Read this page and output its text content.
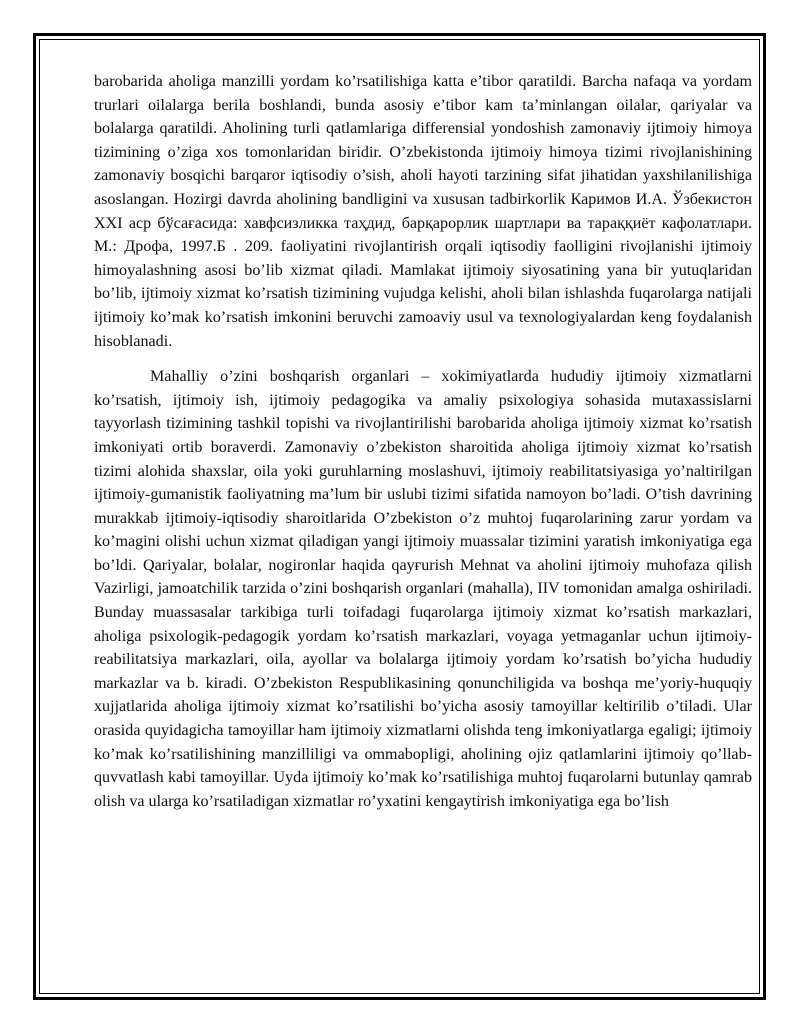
barobarida aholiga manzilli yordam ko’rsatilishiga katta e’tibor qaratildi. Barcha nafaqa va yordam trurlari oilalarga berila boshlandi, bunda asosiy e’tibor kam ta’minlangan oilalar, qariyalar va bolalarga qaratildi. Aholining turli qatlamlariga differensial yondoshish zamonaviy ijtimoiy himoya tizimining o’ziga xos tomonlaridan biridir. O’zbekistonda ijtimoiy himoya tizimi rivojlanishining zamonaviy bosqichi barqaror iqtisodiy o’sish, aholi hayoti tarzining sifat jihatidan yaxshilanilishiga asoslangan. Hozirgi davrda aholining bandligini va xususan tadbirkorlik Каримов И.А. Ўзбекистон XXI аср бўсағасида: хавфсизликка таҳдид, барқарорлик шартлари ва тараққиёт кафолатлари. М.: Дрофа, 1997.Б . 209. faoliyatini rivojlantirish orqali iqtisodiy faolligini rivojlanishi ijtimoiy himoyalashning asosi bo’lib xizmat qiladi. Mamlakat ijtimoiy siyosatining yana bir yutuqlaridan bo’lib, ijtimoiy xizmat ko’rsatish tizimining vujudga kelishi, aholi bilan ishlashda fuqarolarga natijali ijtimoiy ko’mak ko’rsatish imkonini beruvchi zamoaviy usul va texnologiyalardan keng foydalanish hisoblanadi.

Mahalliy o’zini boshqarish organlari – xokimiyatlarda hududiy ijtimoiy xizmatlarni ko’rsatish, ijtimoiy ish, ijtimoiy pedagogika va amaliy psixologiya sohasida mutaxassislarni tayyorlash tizimining tashkil topishi va rivojlantirilishi barobarida aholiga ijtimoiy xizmat ko’rsatish imkoniyati ortib boraverdi. Zamonaviy o’zbekiston sharoitida aholiga ijtimoiy xizmat ko’rsatish tizimi alohida shaxslar, oila yoki guruhlarning moslashuvi, ijtimoiy reabilitatsiyasiga yo’naltirilgan ijtimoiy-gumanistik faoliyatning ma’lum bir uslubi tizimi sifatida namoyon bo’ladi. O’tish davrining murakkab ijtimoiy-iqtisodiy sharoitlarida O’zbekiston o’z muhtoj fuqarolarining zarur yordam va ko’magini olishi uchun xizmat qiladigan yangi ijtimoiy muassalar tizimini yaratish imkoniyatiga ega bo’ldi. Qariyalar, bolalar, nogironlar haqida qayғurish Mehnat va aholini ijtimoiy muhofaza qilish Vazirligi, jamoatchilik tarzida o’zini boshqarish organlari (mahalla), IIV tomonidan amalga oshiriladi. Bunday muassasalar tarkibiga turli toifadagi fuqarolarga ijtimoiy xizmat ko’rsatish markazlari, aholiga psixologik-pedagogik yordam ko’rsatish markazlari, voyaga yetmaganlar uchun ijtimoiy-reabilitatsiya markazlari, oila, ayollar va bolalarga ijtimoiy yordam ko’rsatish bo’yicha hududiy markazlar va b. kiradi. O’zbekiston Respublikasining qonunchiligida va boshqa me’yoriy-huquqiy xujjatlarida aholiga ijtimoiy xizmat ko’rsatilishi bo’yicha asosiy tamoyillar keltirilib o’tiladi. Ular orasida quyidagicha tamoyillar ham ijtimoiy xizmatlarni olishda teng imkoniyatlarga egaligi; ijtimoiy ko’mak ko’rsatilishining manzilliligi va ommabopligi, aholining ojiz qatlamlarini ijtimoiy qo’llab-quvvatlash kabi tamoyillar. Uyda ijtimoiy ko’mak ko’rsatilishiga muhtoj fuqarolarni butunlay qamrab olish va ularga ko’rsatiladigan xizmatlar ro’yxatini kengaytirish imkoniyatiga ega bo’lish
